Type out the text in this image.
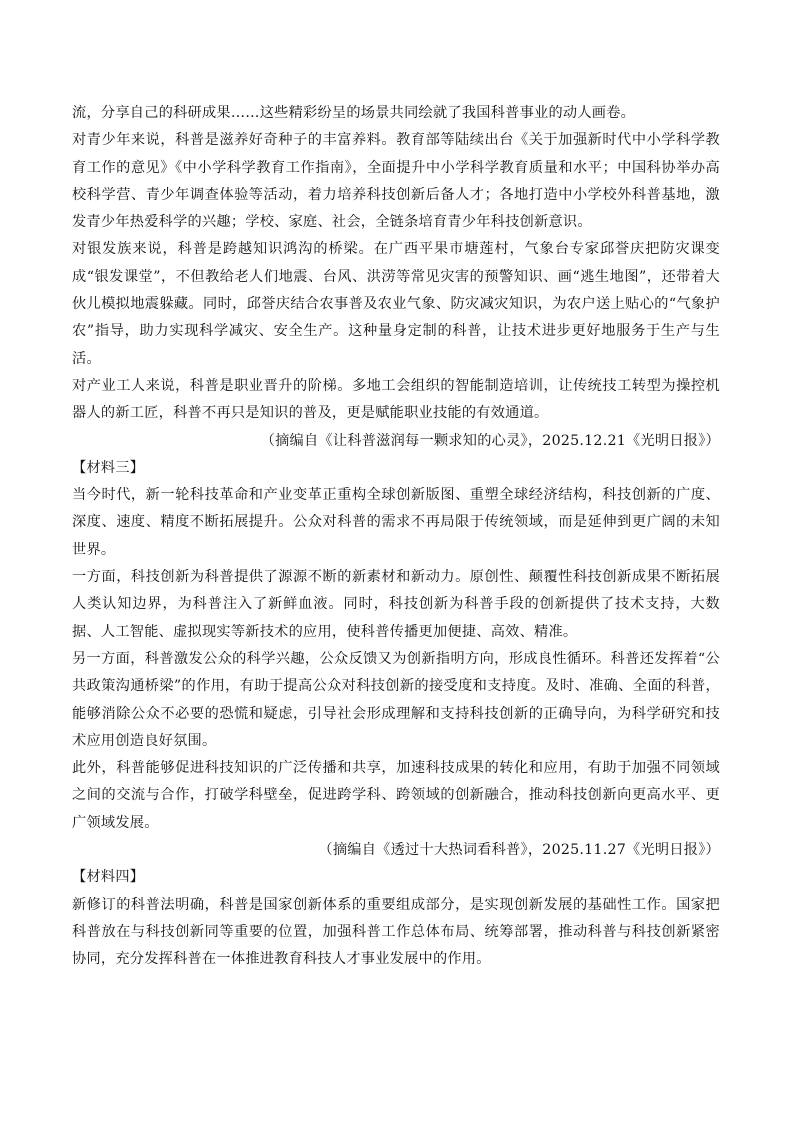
流，分享自己的科研成果……这些精彩纷呈的场景共同绘就了我国科普事业的动人画卷。

对青少年来说，科普是滋养好奇种子的丰富养料。教育部等陆续出台《关于加强新时代中小学科学教育工作的意见》《中小学科学教育工作指南》，全面提升中小学科学教育质量和水平；中国科协举办高校科学营、青少年调查体验等活动，着力培养科技创新后备人才；各地打造中小学校外科普基地，激发青少年热爱科学的兴趣；学校、家庭、社会，全链条培育青少年科技创新意识。

对银发族来说，科普是跨越知识鸿沟的桥梁。在广西平果市塘莲村，气象台专家邱誉庆把防灾课变成“银发课堂”，不但教给老人们地震、台风、洪涝等常见灾害的预警知识、画“逃生地图”，还带着大伙儿模拟地震躲藏。同时，邱誉庆结合农事普及农业气象、防灾减灾知识，为农户送上贴心的“气象护农”指导，助力实现科学减灾、安全生产。这种量身定制的科普，让技术进步更好地服务于生产与生活。

对产业工人来说，科普是职业晋升的阶梯。多地工会组织的智能制造培训，让传统技工转型为操控机器人的新工匠，科普不再只是知识的普及，更是赋能职业技能的有效通道。

（摘编自《让科普滋润每一颗求知的心灵》，2025.12.21《光明日报》）

【材料三】

当今时代，新一轮科技革命和产业变革正重构全球创新版图、重塑全球经济结构，科技创新的广度、深度、速度、精度不断拓展提升。公众对科普的需求不再局限于传统领域，而是延伸到更广阔的未知世界。

一方面，科技创新为科普提供了源源不断的新素材和新动力。原创性、颠覆性科技创新成果不断拓展人类认知边界，为科普注入了新鲜血液。同时，科技创新为科普手段的创新提供了技术支持，大数据、人工智能、虚拟现实等新技术的应用，使科普传播更加便捷、高效、精准。

另一方面，科普激发公众的科学兴趣，公众反馈又为创新指明方向，形成良性循环。科普还发挥着“公共政策沟通桥梁”的作用，有助于提高公众对科技创新的接受度和支持度。及时、准确、全面的科普，能够消除公众不必要的恐慌和疑虑，引导社会形成理解和支持科技创新的正确导向，为科学研究和技术应用创造良好氛围。

此外，科普能够促进科技知识的广泛传播和共享，加速科技成果的转化和应用，有助于加强不同领域之间的交流与合作，打破学科壁垒，促进跨学科、跨领域的创新融合，推动科技创新向更高水平、更广领域发展。

（摘编自《透过十大热词看科普》，2025.11.27《光明日报》）

【材料四】

新修订的科普法明确，科普是国家创新体系的重要组成部分，是实现创新发展的基础性工作。国家把科普放在与科技创新同等重要的位置，加强科普工作总体布局、统筹部署，推动科普与科技创新紧密协同，充分发挥科普在一体推进教育科技人才事业发展中的作用。
